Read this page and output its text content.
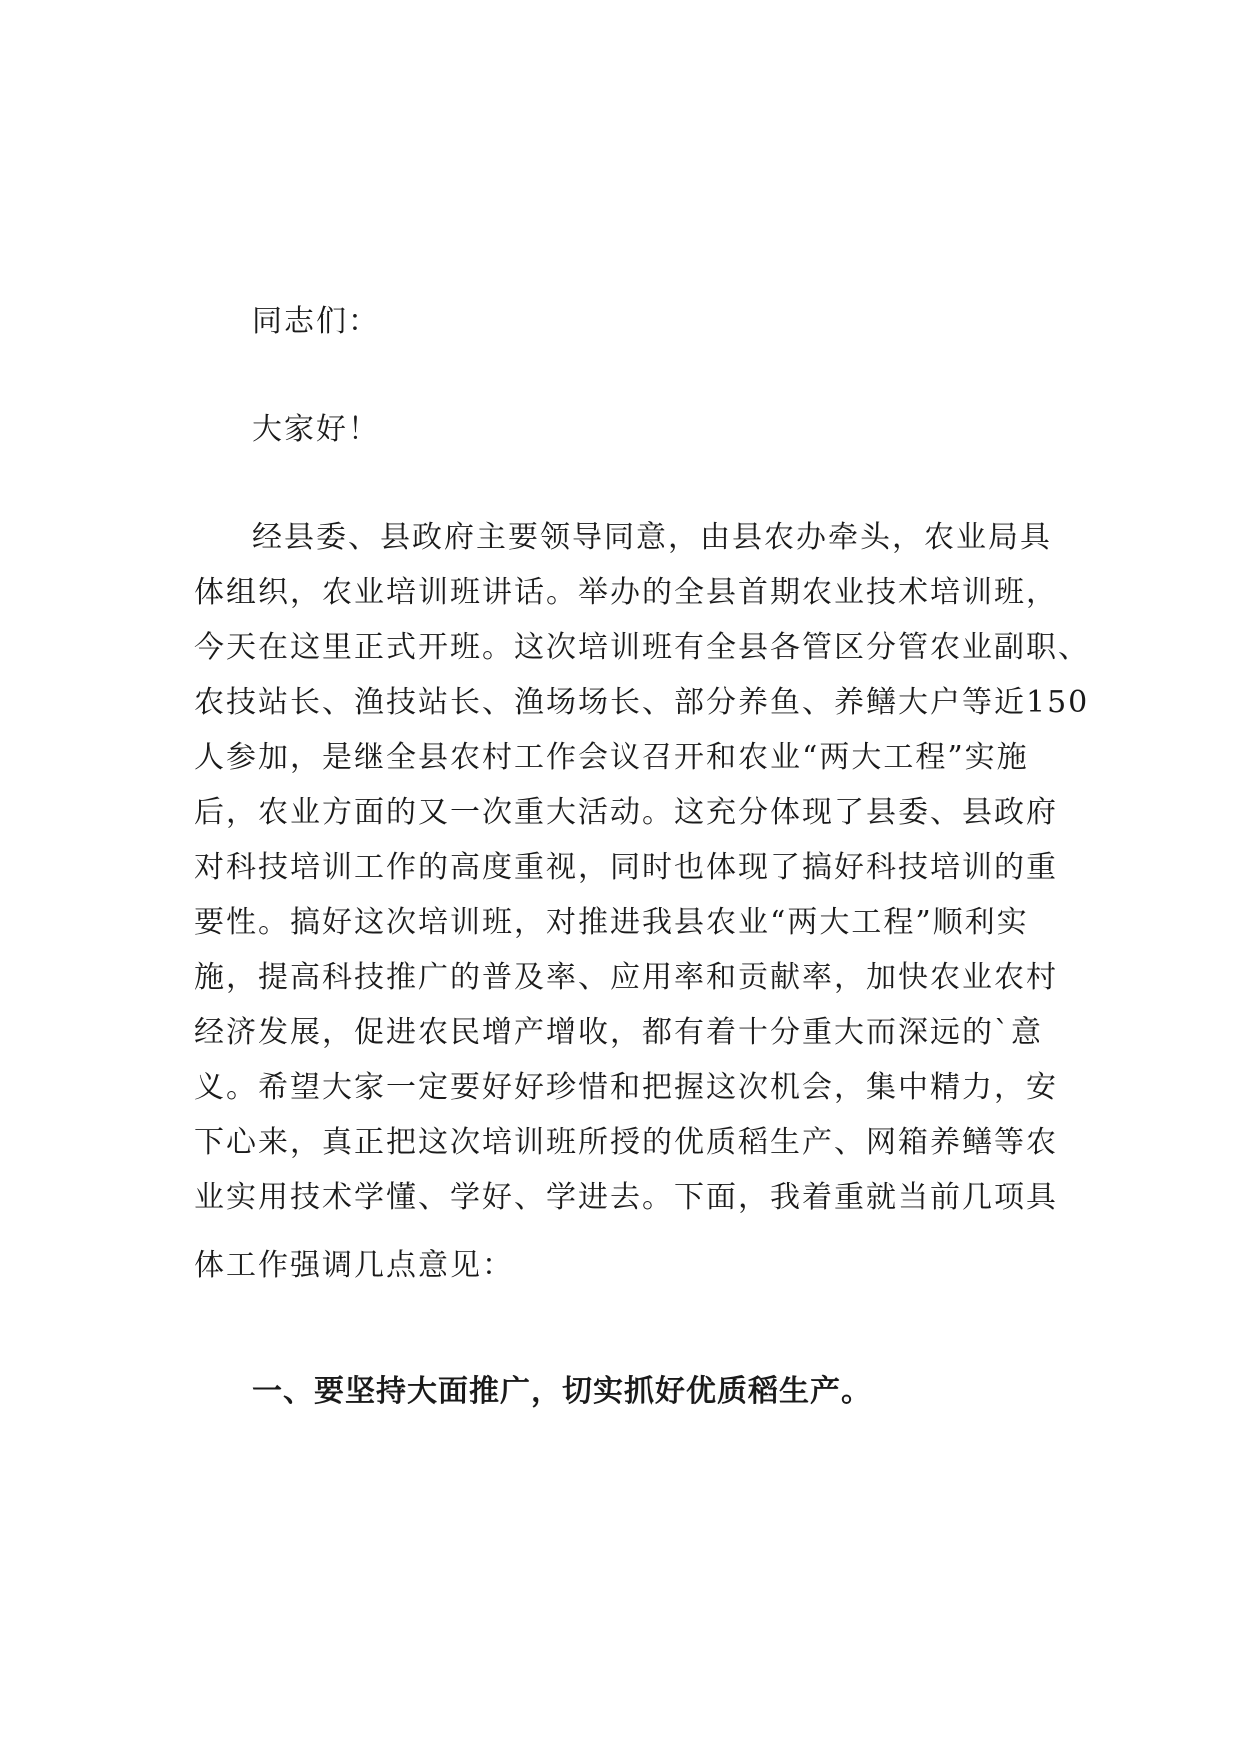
同志们：
大家好！
经县委、县政府主要领导同意，由县农办牵头，农业局具
体组织，农业培训班讲话。举办的全县首期农业技术培训班，
今天在这里正式开班。这次培训班有全县各管区分管农业副职、
农技站长、渔技站长、渔场场长、部分养鱼、养鳝大户等近150
人参加，是继全县农村工作会议召开和农业“两大工程”实施
后，农业方面的又一次重大活动。这充分体现了县委、县政府
对科技培训工作的高度重视，同时也体现了搞好科技培训的重
要性。搞好这次培训班，对推进我县农业“两大工程”顺利实
施，提高科技推广的普及率、应用率和贡献率，加快农业农村
经济发展，促进农民增产增收，都有着十分重大而深远的`意
义。希望大家一定要好好珍惜和把握这次机会，集中精力，安
下心来，真正把这次培训班所授的优质稻生产、网箱养鳝等农
业实用技术学懂、学好、学进去。下面，我着重就当前几项具
体工作强调几点意见：
一、要坚持大面推广，切实抓好优质稻生产。
